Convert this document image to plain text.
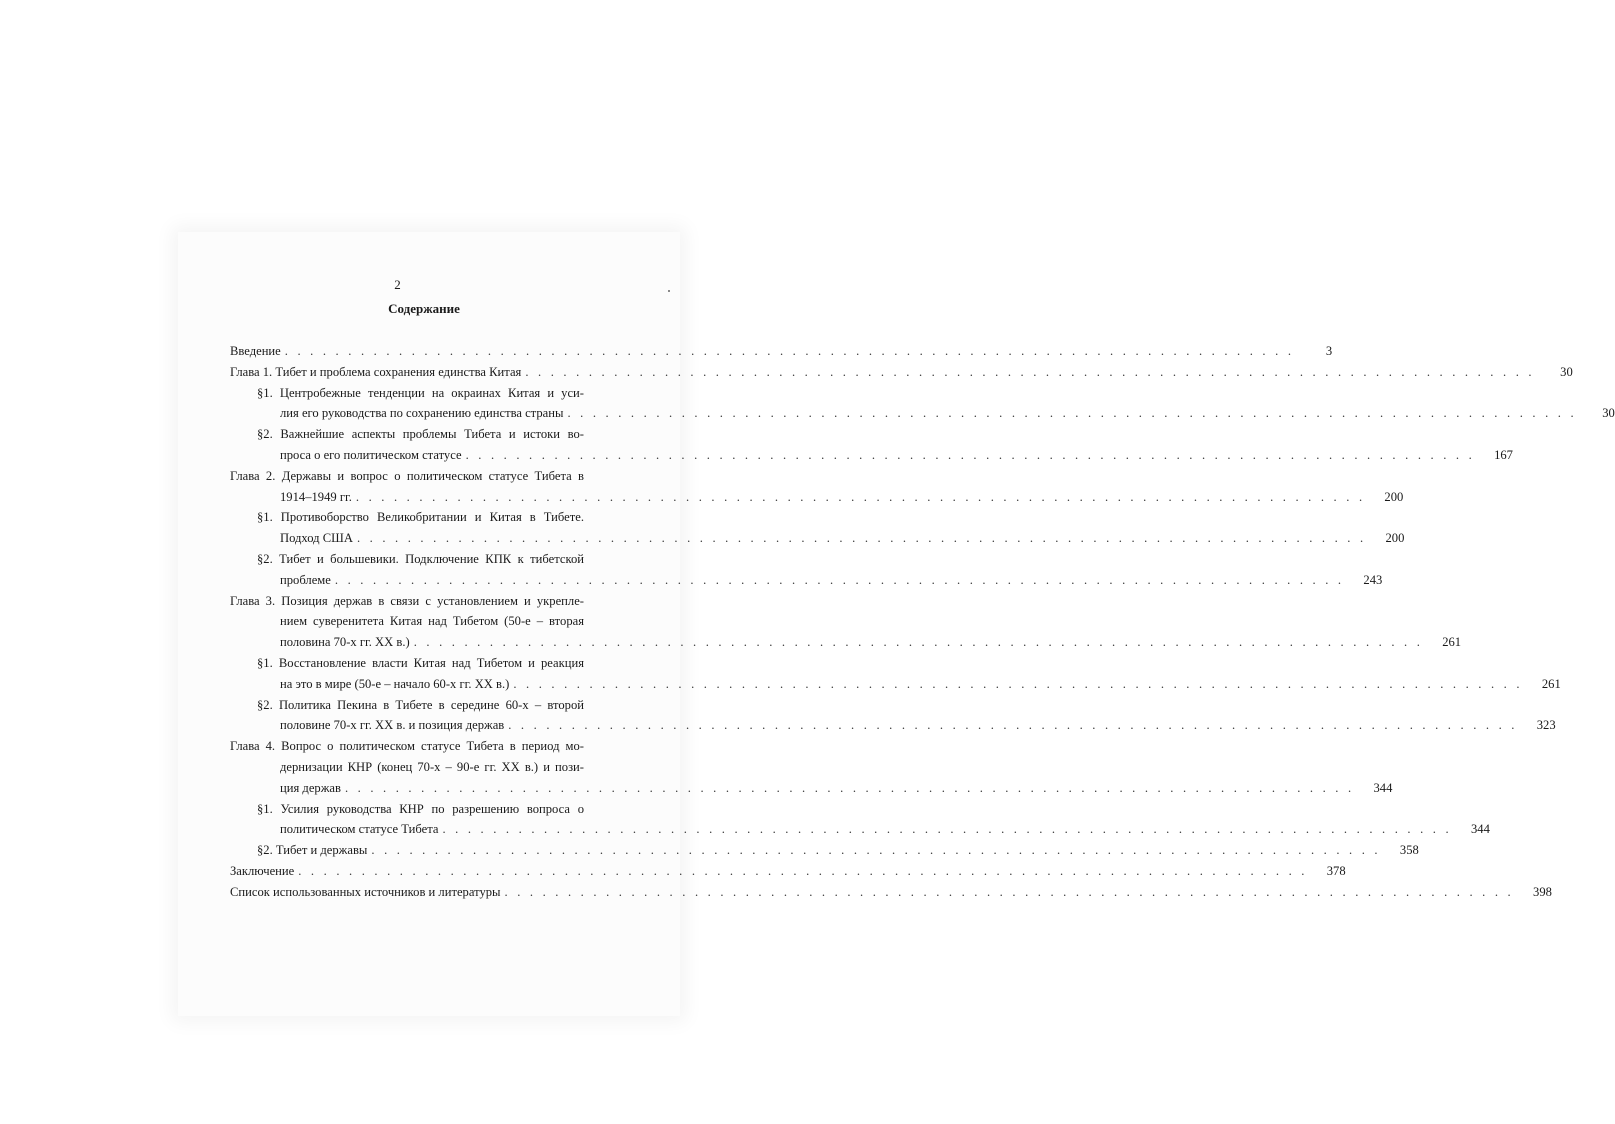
2
Содержание
Введение . . . . . . . . . . . . . . . . . . . . . . . . . . . . . . . . . . . . . . . . . . . . . . . . . . . . . . . . . . . . . . . . . . . . . . . . . . . . . . . .	3
Глава 1. Тибет и проблема сохранения единства Китая . . . . . . . . . . . . . . . . . . . . . . . . . . . . . . . . . . . . . . . . . . . . . . . . . . . . . . . . . . . . . . . . . . . . . . . . . . . . . . . .	30
§1. Центробежные тенденции на окраинах Китая и уси-
лия его руководства по сохранению единства страны . . . . . . . . . . . . . . . . . . . . . . . . . . . . . . . . . . . . . . . . . . . . . . . . . . . . . . . . . . . . . . . . . . . . . . . . . . . . . . . .	30
§2. Важнейшие аспекты проблемы Тибета и истоки во-
проса о его политическом статусе . . . . . . . . . . . . . . . . . . . . . . . . . . . . . . . . . . . . . . . . . . . . . . . . . . . . . . . . . . . . . . . . . . . . . . . . . . . . . . . .	167
Глава 2. Державы и вопрос о политическом статусе Тибета в
1914–1949 гг. . . . . . . . . . . . . . . . . . . . . . . . . . . . . . . . . . . . . . . . . . . . . . . . . . . . . . . . . . . . . . . . . . . . . . . . . . . . . . . . .	200
§1. Противоборство Великобритании и Китая в Тибете.
Подход США . . . . . . . . . . . . . . . . . . . . . . . . . . . . . . . . . . . . . . . . . . . . . . . . . . . . . . . . . . . . . . . . . . . . . . . . . . . . . . . .	200
§2. Тибет и большевики. Подключение КПК к тибетской
проблеме . . . . . . . . . . . . . . . . . . . . . . . . . . . . . . . . . . . . . . . . . . . . . . . . . . . . . . . . . . . . . . . . . . . . . . . . . . . . . . . .	243
Глава 3. Позиция держав в связи с установлением и укрепле-
нием суверенитета Китая над Тибетом (50-е – вторая
половина 70-х гг. XX в.) . . . . . . . . . . . . . . . . . . . . . . . . . . . . . . . . . . . . . . . . . . . . . . . . . . . . . . . . . . . . . . . . . . . . . . . . . . . . . . . .	261
§1. Восстановление власти Китая над Тибетом и реакция
на это в мире (50-е – начало 60-х гг. XX в.) . . . . . . . . . . . . . . . . . . . . . . . . . . . . . . . . . . . . . . . . . . . . . . . . . . . . . . . . . . . . . . . . . . . . . . . . . . . . . . . .	261
§2. Политика Пекина в Тибете в середине 60-х – второй
половине 70-х гг. XX в. и позиция держав . . . . . . . . . . . . . . . . . . . . . . . . . . . . . . . . . . . . . . . . . . . . . . . . . . . . . . . . . . . . . . . . . . . . . . . . . . . . . . . .	323
Глава 4. Вопрос о политическом статусе Тибета в период мо-
дернизации КНР (конец 70-х – 90-е гг. XX в.) и пози-
ция держав . . . . . . . . . . . . . . . . . . . . . . . . . . . . . . . . . . . . . . . . . . . . . . . . . . . . . . . . . . . . . . . . . . . . . . . . . . . . . . . .	344
§1. Усилия руководства КНР по разрешению вопроса о
политическом статусе Тибета . . . . . . . . . . . . . . . . . . . . . . . . . . . . . . . . . . . . . . . . . . . . . . . . . . . . . . . . . . . . . . . . . . . . . . . . . . . . . . . .	344
§2. Тибет и державы . . . . . . . . . . . . . . . . . . . . . . . . . . . . . . . . . . . . . . . . . . . . . . . . . . . . . . . . . . . . . . . . . . . . . . . . . . . . . . . .	358
Заключение . . . . . . . . . . . . . . . . . . . . . . . . . . . . . . . . . . . . . . . . . . . . . . . . . . . . . . . . . . . . . . . . . . . . . . . . . . . . . . . .	378
Список использованных источников и литературы . . . . . . . . . . . . . . . . . . . . . . . . . . . . . . . . . . . . . . . . . . . . . . . . . . . . . . . . . . . . . . . . . . . . . . . . . . . . . . . .	398
